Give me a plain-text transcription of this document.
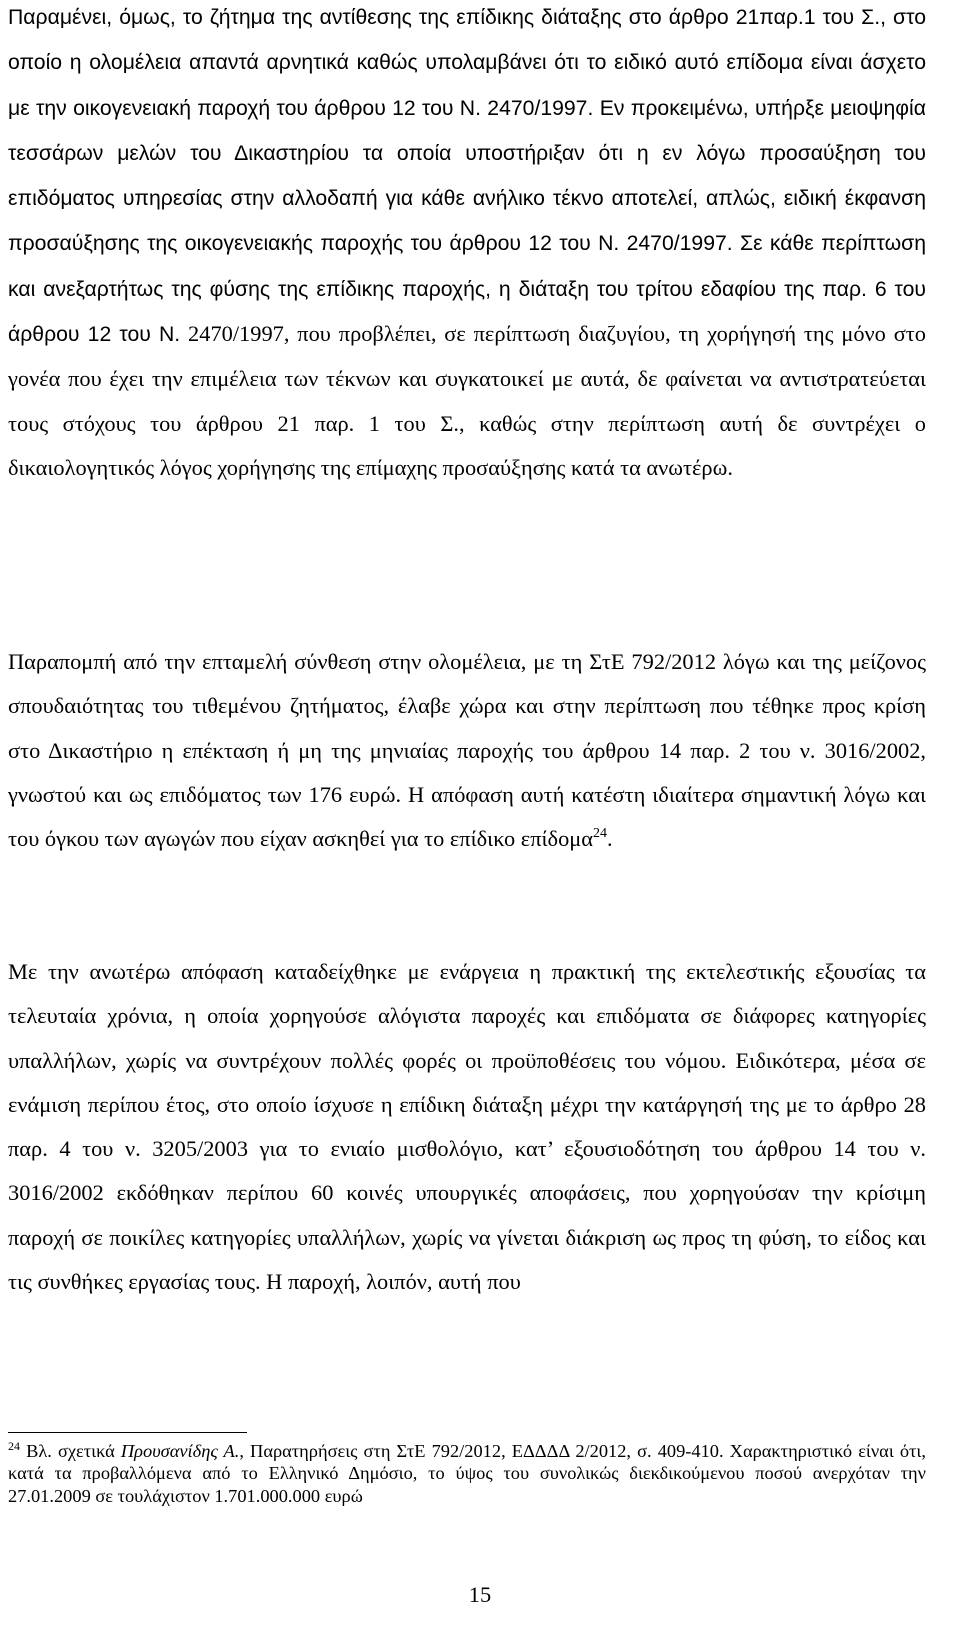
Παραμένει, όμως, το ζήτημα της αντίθεσης της επίδικης διάταξης στο άρθρο 21παρ.1 του Σ., στο οποίο η ολομέλεια απαντά αρνητικά καθώς υπολαμβάνει ότι το ειδικό αυτό επίδομα είναι άσχετο με την οικογενειακή παροχή του άρθρου 12 του Ν. 2470/1997. Εν προκειμένω, υπήρξε μειοψηφία τεσσάρων μελών του Δικαστηρίου τα οποία υποστήριξαν ότι η εν λόγω προσαύξηση του επιδόματος υπηρεσίας στην αλλοδαπή για κάθε ανήλικο τέκνο αποτελεί, απλώς, ειδική έκφανση προσαύξησης της οικογενειακής παροχής του άρθρου 12 του Ν. 2470/1997. Σε κάθε περίπτωση και ανεξαρτήτως της φύσης της επίδικης παροχής, η διάταξη του τρίτου εδαφίου της παρ. 6 του άρθρου 12 του Ν. 2470/1997, που προβλέπει, σε περίπτωση διαζυγίου, τη χορήγησή της μόνο στο γονέα που έχει την επιμέλεια των τέκνων και συγκατοικεί με αυτά, δε φαίνεται να αντιστρατεύεται τους στόχους του άρθρου 21 παρ. 1 του Σ., καθώς στην περίπτωση αυτή δε συντρέχει ο δικαιολογητικός λόγος χορήγησης της επίμαχης προσαύξησης κατά τα ανωτέρω.

Παραπομπή από την επταμελή σύνθεση στην ολομέλεια, με τη ΣτΕ 792/2012 λόγω και της μείζονος σπουδαιότητας του τιθεμένου ζητήματος, έλαβε χώρα και στην περίπτωση που τέθηκε προς κρίση στο Δικαστήριο η επέκταση ή μη της μηνιαίας παροχής του άρθρου 14 παρ. 2 του ν. 3016/2002, γνωστού και ως επιδόματος των 176 ευρώ. Η απόφαση αυτή κατέστη ιδιαίτερα σημαντική λόγω και του όγκου των αγωγών που είχαν ασκηθεί για το επίδικο επίδομα$^{24}$.

Με την ανωτέρω απόφαση καταδείχθηκε με ενάργεια η πρακτική της εκτελεστικής εξουσίας τα τελευταία χρόνια, η οποία χορηγούσε αλόγιστα παροχές και επιδόματα σε διάφορες κατηγορίες υπαλλήλων, χωρίς να συντρέχουν πολλές φορές οι προϋποθέσεις του νόμου. Ειδικότερα, μέσα σε ενάμιση περίπου έτος, στο οποίο ίσχυσε η επίδικη διάταξη μέχρι την κατάργησή της με το άρθρο 28 παρ. 4 του ν. 3205/2003 για το ενιαίο μισθολόγιο, κατ’ εξουσιοδότηση του άρθρου 14 του ν. 3016/2002 εκδόθηκαν περίπου 60 κοινές υπουργικές αποφάσεις, που χορηγούσαν την κρίσιμη παροχή σε ποικίλες κατηγορίες υπαλλήλων, χωρίς να γίνεται διάκριση ως προς τη φύση, το είδος και τις συνθήκες εργασίας τους. Η παροχή, λοιπόν, αυτή που

$^{24}$ Βλ. σχετικά Προυσανίδης Α., Παρατηρήσεις στη ΣτΕ 792/2012, ΕΔΔΔΔ 2/2012, σ. 409-410. Χαρακτηριστικό είναι ότι, κατά τα προβαλλόμενα από το Ελληνικό Δημόσιο, το ύψος του συνολικώς διεκδικούμενου ποσού ανερχόταν την 27.01.2009 σε τουλάχιστον 1.701.000.000 ευρώ

15
